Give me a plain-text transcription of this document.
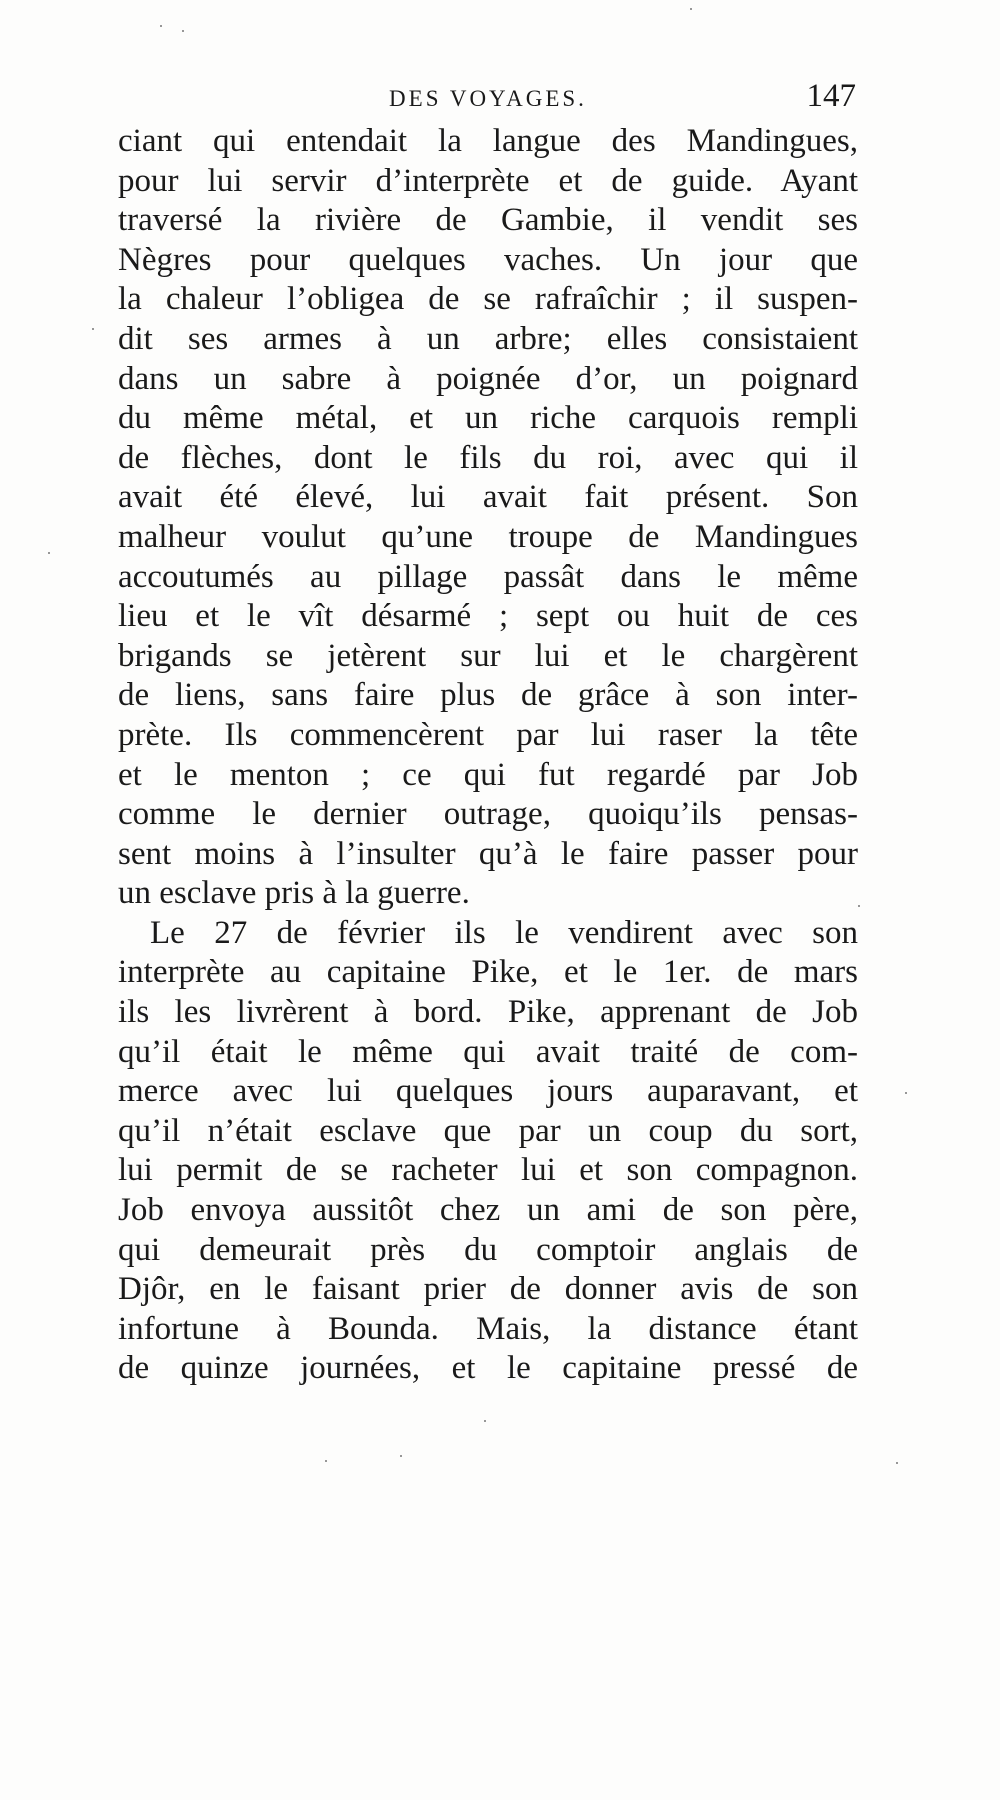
DES VOYAGES.	147
ciant qui entendait la langue des Mandingues,
pour lui servir d’interprète et de guide. Ayant
traversé la rivière de Gambie, il vendit ses
Nègres pour quelques vaches. Un jour que
la chaleur l’obligea de se rafraîchir ; il suspen-
dit ses armes à un arbre; elles consistaient
dans un sabre à poignée d’or, un poignard
du même métal, et un riche carquois rempli
de flèches, dont le fils du roi, avec qui il
avait été élevé, lui avait fait présent. Son
malheur voulut qu’une troupe de Mandingues
accoutumés au pillage passât dans le même
lieu et le vît désarmé ; sept ou huit de ces
brigands se jetèrent sur lui et le chargèrent
de liens, sans faire plus de grâce à son inter-
prète. Ils commencèrent par lui raser la tête
et le menton ; ce qui fut regardé par Job
comme le dernier outrage, quoiqu’ils pensas-
sent moins à l’insulter qu’à le faire passer pour
un esclave pris à la guerre.
Le 27 de février ils le vendirent avec son
interprète au capitaine Pike, et le 1er. de mars
ils les livrèrent à bord. Pike, apprenant de Job
qu’il était le même qui avait traité de com-
merce avec lui quelques jours auparavant, et
qu’il n’était esclave que par un coup du sort,
lui permit de se racheter lui et son compagnon.
Job envoya aussitôt chez un ami de son père,
qui demeurait près du comptoir anglais de
Djôr, en le faisant prier de donner avis de son
infortune à Bounda. Mais, la distance étant
de quinze journées, et le capitaine pressé de
